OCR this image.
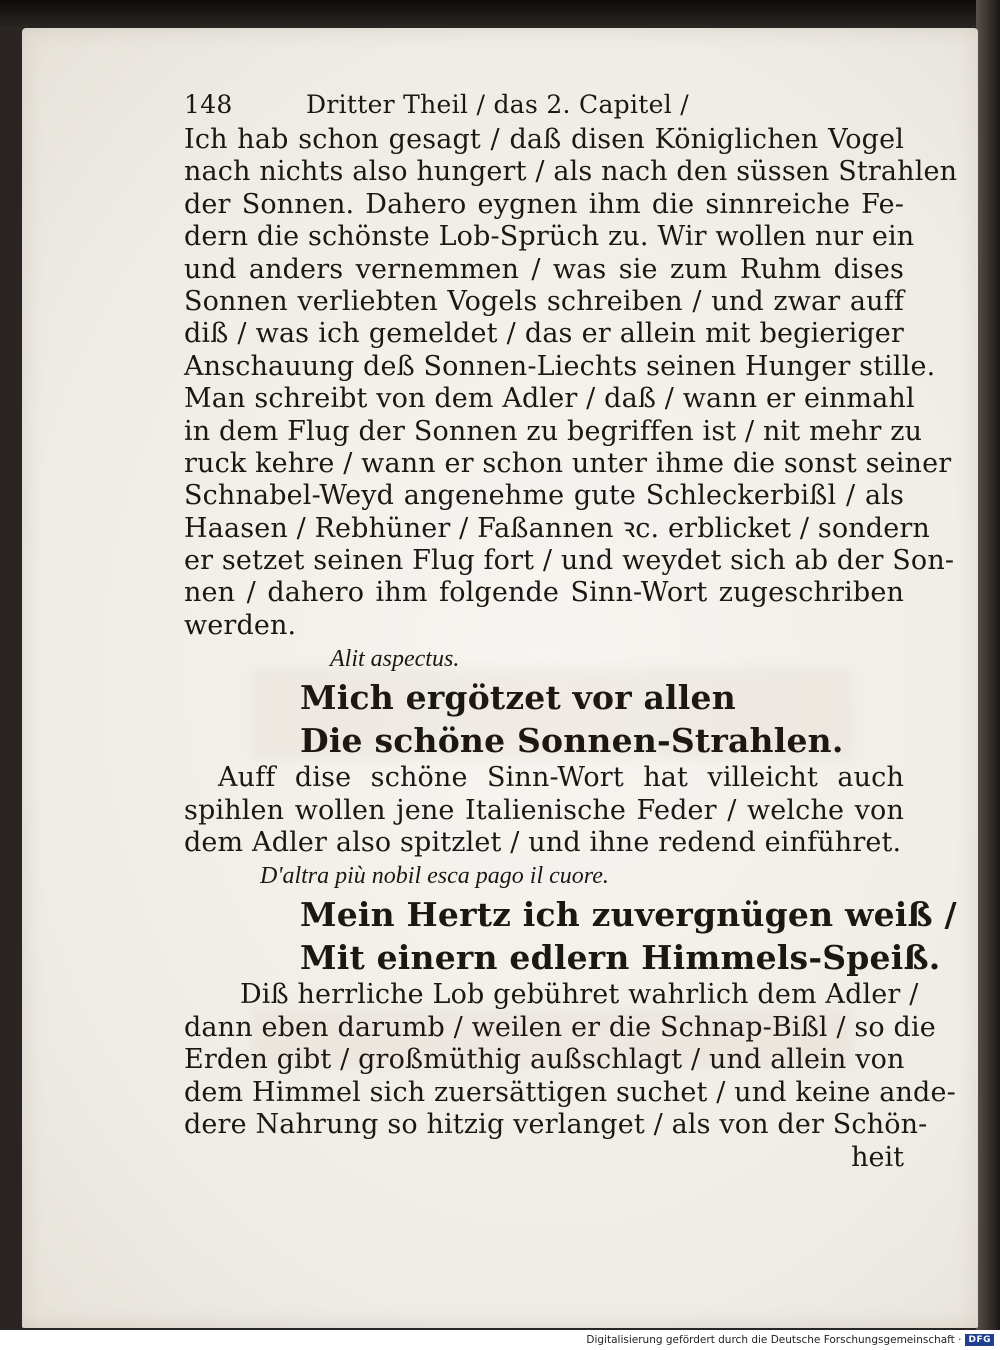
148	Dritter Theil / das 2. Capitel /
Ich hab schon gesagt / daß disen Königlichen Vogel
nach nichts also hungert / als nach den süssen Strahlen
der Sonnen. Dahero eygnen ihm die sinnreiche Fe-
dern die schönste Lob-Sprüch zu. Wir wollen nur ein
und anders vernemmen / was sie zum Ruhm dises
Sonnen verliebten Vogels schreiben / und zwar auff
diß / was ich gemeldet / das er allein mit begieriger
Anschauung deß Sonnen-Liechts seinen Hunger stille.
Man schreibt von dem Adler / daß / wann er einmahl
in dem Flug der Sonnen zu begriffen ist / nit mehr zu
ruck kehre / wann er schon unter ihme die sonst seiner
Schnabel-Weyd angenehme gute Schleckerbißl / als
Haasen / Rebhüner / Faßannen ꝛc. erblicket / sondern
er setzet seinen Flug fort / und weydet sich ab der Son-
nen / dahero ihm folgende Sinn-Wort zugeschriben
werden.
Alit aspectus.
Mich ergötzet vor allen
Die schöne Sonnen-Strahlen.
Auff dise schöne Sinn-Wort hat villeicht auch
spihlen wollen jene Italienische Feder / welche von
dem Adler also spitzlet / und ihne redend einführet.
D'altra più nobil esca pago il cuore.
Mein Hertz ich zuvergnügen weiß /
Mit einern edlern Himmels-Speiß.
Diß herrliche Lob gebühret wahrlich dem Adler /
dann eben darumb / weilen er die Schnap-Bißl / so die
Erden gibt / großmüthig außschlagt / und allein von
dem Himmel sich zuersättigen suchet / und keine ande-
dere Nahrung so hitzig verlanget / als von der Schön-
heit
Digitalisierung gefördert durch die Deutsche Forschungsgemeinschaft · DFG
